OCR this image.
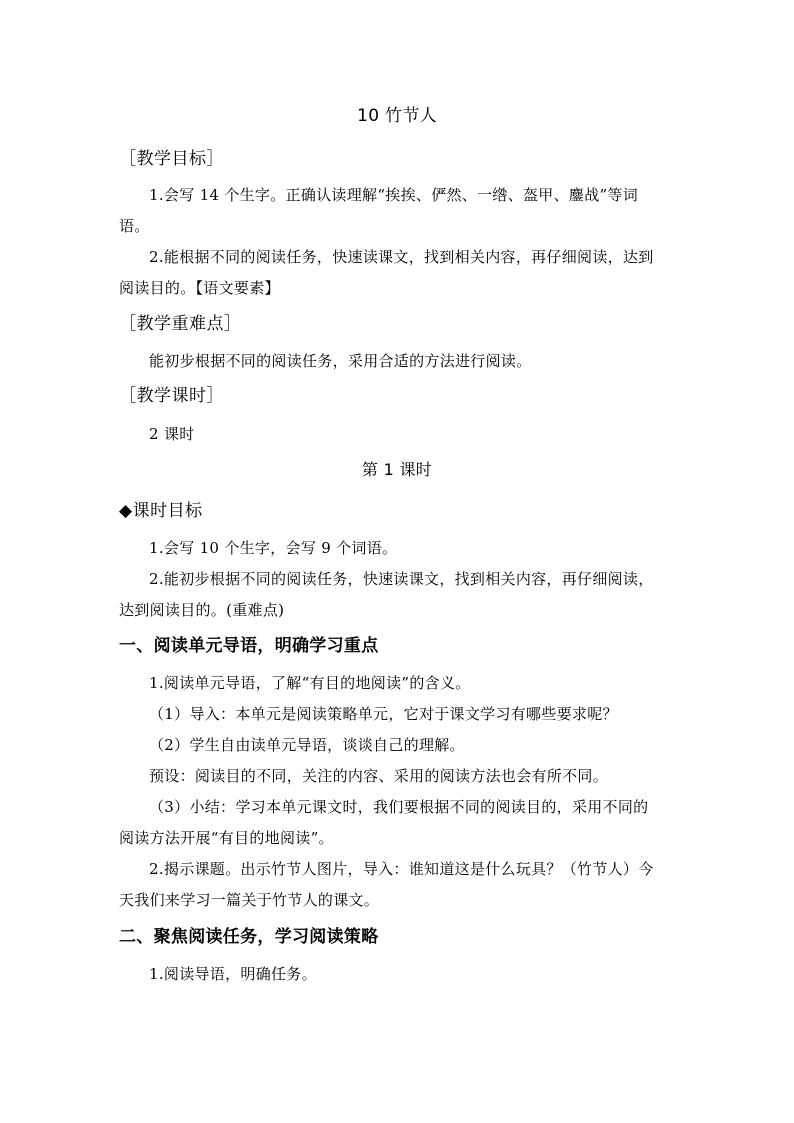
10 竹节人
［教学目标］
1.会写 14 个生字。正确认读理解“挨挨、俨然、一绺、盔甲、鏖战”等词
语。
2.能根据不同的阅读任务，快速读课文，找到相关内容，再仔细阅读，达到
阅读目的。【语文要素】
［教学重难点］
能初步根据不同的阅读任务，采用合适的方法进行阅读。
［教学课时］
2 课时
第 1 课时
◆课时目标
1.会写 10 个生字，会写 9 个词语。
2.能初步根据不同的阅读任务，快速读课文，找到相关内容，再仔细阅读，
达到阅读目的。(重难点)
一、阅读单元导语，明确学习重点
1.阅读单元导语，了解“有目的地阅读”的含义。
（1）导入：本单元是阅读策略单元，它对于课文学习有哪些要求呢？
（2）学生自由读单元导语，谈谈自己的理解。
预设：阅读目的不同，关注的内容、采用的阅读方法也会有所不同。
（3）小结：学习本单元课文时，我们要根据不同的阅读目的，采用不同的
阅读方法开展“有目的地阅读”。
2.揭示课题。出示竹节人图片，导入：谁知道这是什么玩具？（竹节人）今
天我们来学习一篇关于竹节人的课文。
二、聚焦阅读任务，学习阅读策略
1.阅读导语，明确任务。
